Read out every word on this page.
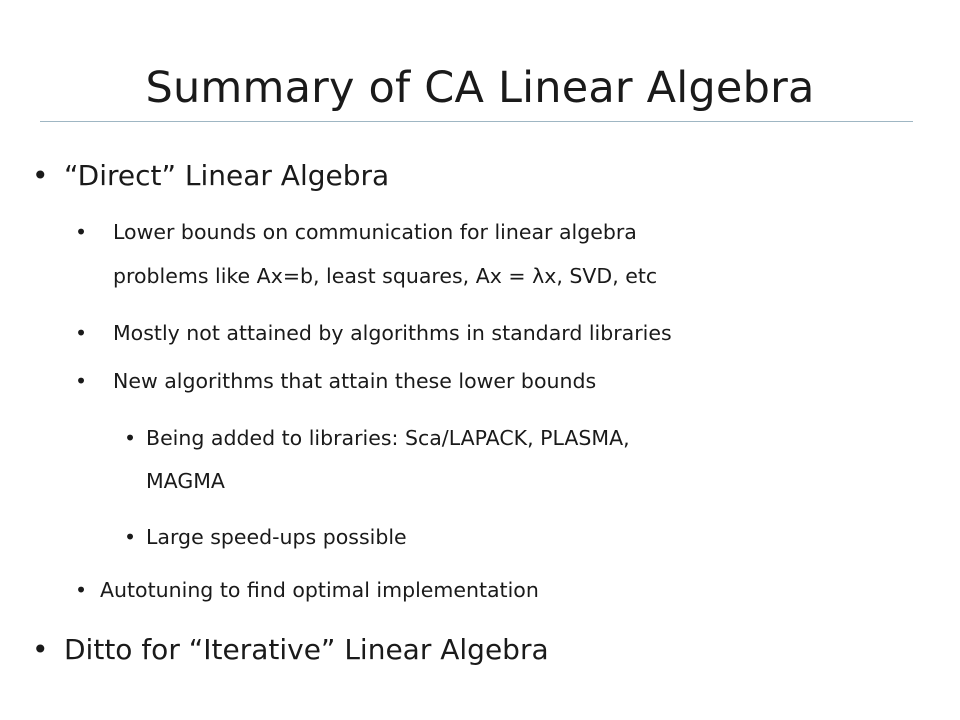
Summary of CA Linear Algebra
• “Direct” Linear Algebra
• Lower bounds on communication for linear algebra
problems like Ax=b, least squares, Ax = λx, SVD, etc
• Mostly not attained by algorithms in standard libraries
• New algorithms that attain these lower bounds
• Being added to libraries: Sca/LAPACK, PLASMA,
MAGMA
• Large speed-ups possible
• Autotuning to find optimal implementation
• Ditto for “Iterative” Linear Algebra
